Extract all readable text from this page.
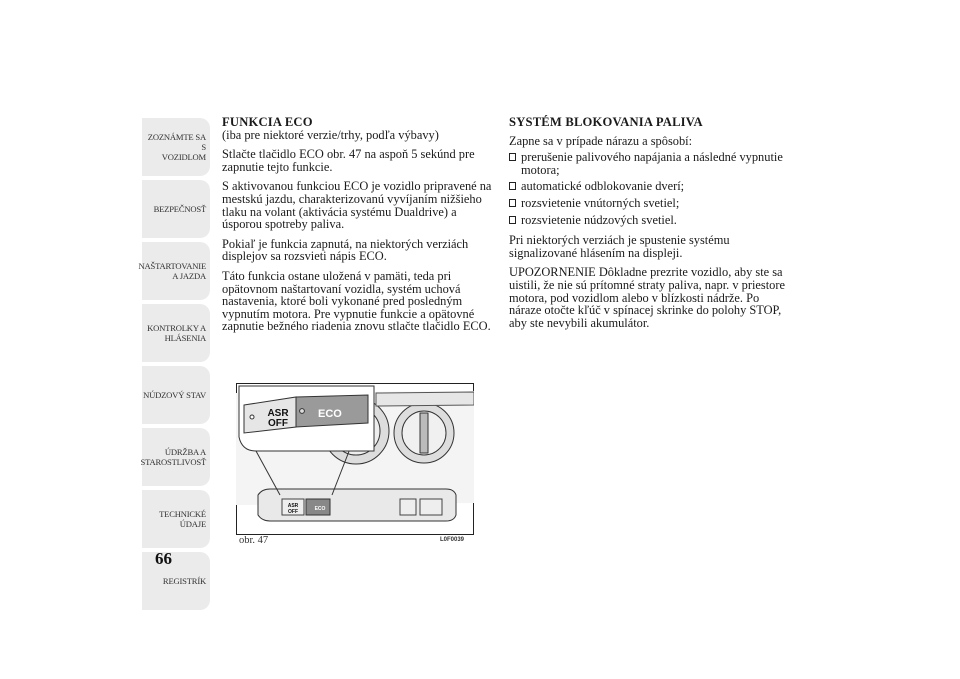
ZOZNÁMTE SA S
VOZIDLOM
BEZPEČNOSŤ
NAŠTARTOVANIE
A JAZDA
KONTROLKY A
HLÁSENIA
NÚDZOVÝ STAV
ÚDRŽBA A
STAROSTLIVOSŤ
TECHNICKÉ
ÚDAJE
REGISTRÍK
66
FUNKCIA ECO

(iba pre niektoré verzie/trhy, podľa výbavy)

Stlačte tlačidlo ECO obr. 47 na aspoň 5 sekúnd pre zapnutie tejto funkcie.

S aktivovanou funkciou ECO je vozidlo pripravené na mestskú jazdu, charakterizovanú vyvíjaním nižšieho tlaku na volant (aktivácia systému Dualdrive) a úsporou spotreby paliva.

Pokiaľ je funkcia zapnutá, na niektorých verziách displejov sa rozsvieti nápis ECO.

Táto funkcia ostane uložená v pamäti, teda pri opätovnom naštartovaní vozidla, systém uchová nastavenia, ktoré boli vykonané pred posledným vypnutím motora. Pre vypnutie funkcie a opätovné zapnutie bežného riadenia znovu stlačte tlačidlo ECO.

SYSTÉM BLOKOVANIA PALIVA

Zapne sa v prípade nárazu a spôsobí:

prerušenie palivového napájania a následné vypnutie motora;
automatické odblokovanie dverí;
rozsvietenie vnútorných svetiel;
rozsvietenie núdzových svetiel.

Pri niektorých verziách je spustenie systému signalizované hlásením na displeji.

UPOZORNENIE Dôkladne prezrite vozidlo, aby ste sa uistili, že nie sú prítomné straty paliva, napr. v priestore motora, pod vozidlom alebo v blízkosti nádrže. Po náraze otočte kľúč v spínacej skrinke do polohy STOP, aby ste nevybili akumulátor.

ASR
OFF	ECO
ASR
OFF
ECO
obr. 47	L0F0039
